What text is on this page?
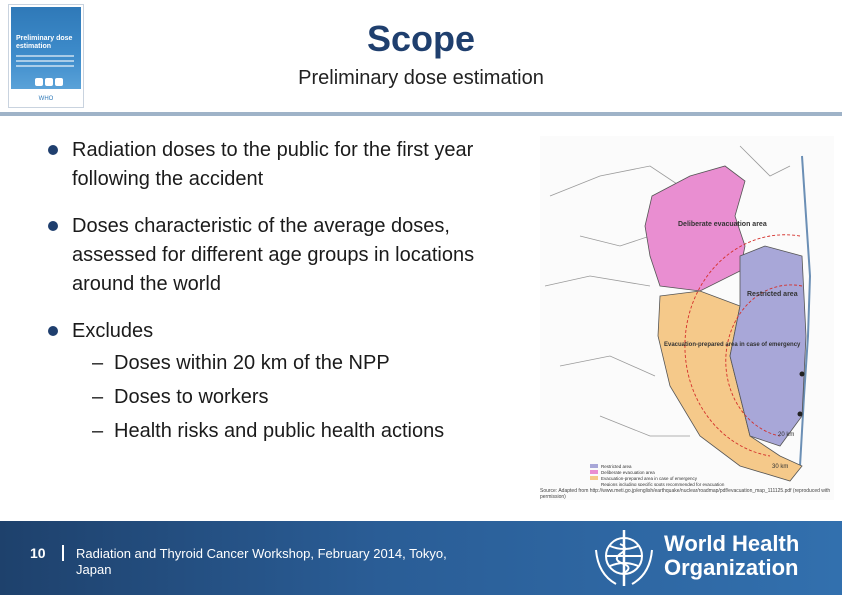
Preliminary dose estimation
WHO
Scope
Preliminary dose estimation
Radiation doses to the public for the first year following the accident
Doses characteristic of the average doses, assessed for different age groups in locations around the world
Excludes
– Doses within 20 km of the NPP
– Doses to workers
– Health risks and public health actions
Deliberate evacuation area
Restricted area
Evacuation-prepared area in case of emergency
20 km
30 km
Restricted area
Deliberate evacuation area
Evacuation-prepared area in case of emergency
Regions including specific spots recommended for evacuation
Source: Adapted from http://www.meti.go.jp/english/earthquake/nuclear/roadmap/pdf/evacuation_map_111125.pdf (reproduced with permission)
10 Radiation and Thyroid Cancer Workshop, February 2014, Tokyo, Japan
World Health
Organization
